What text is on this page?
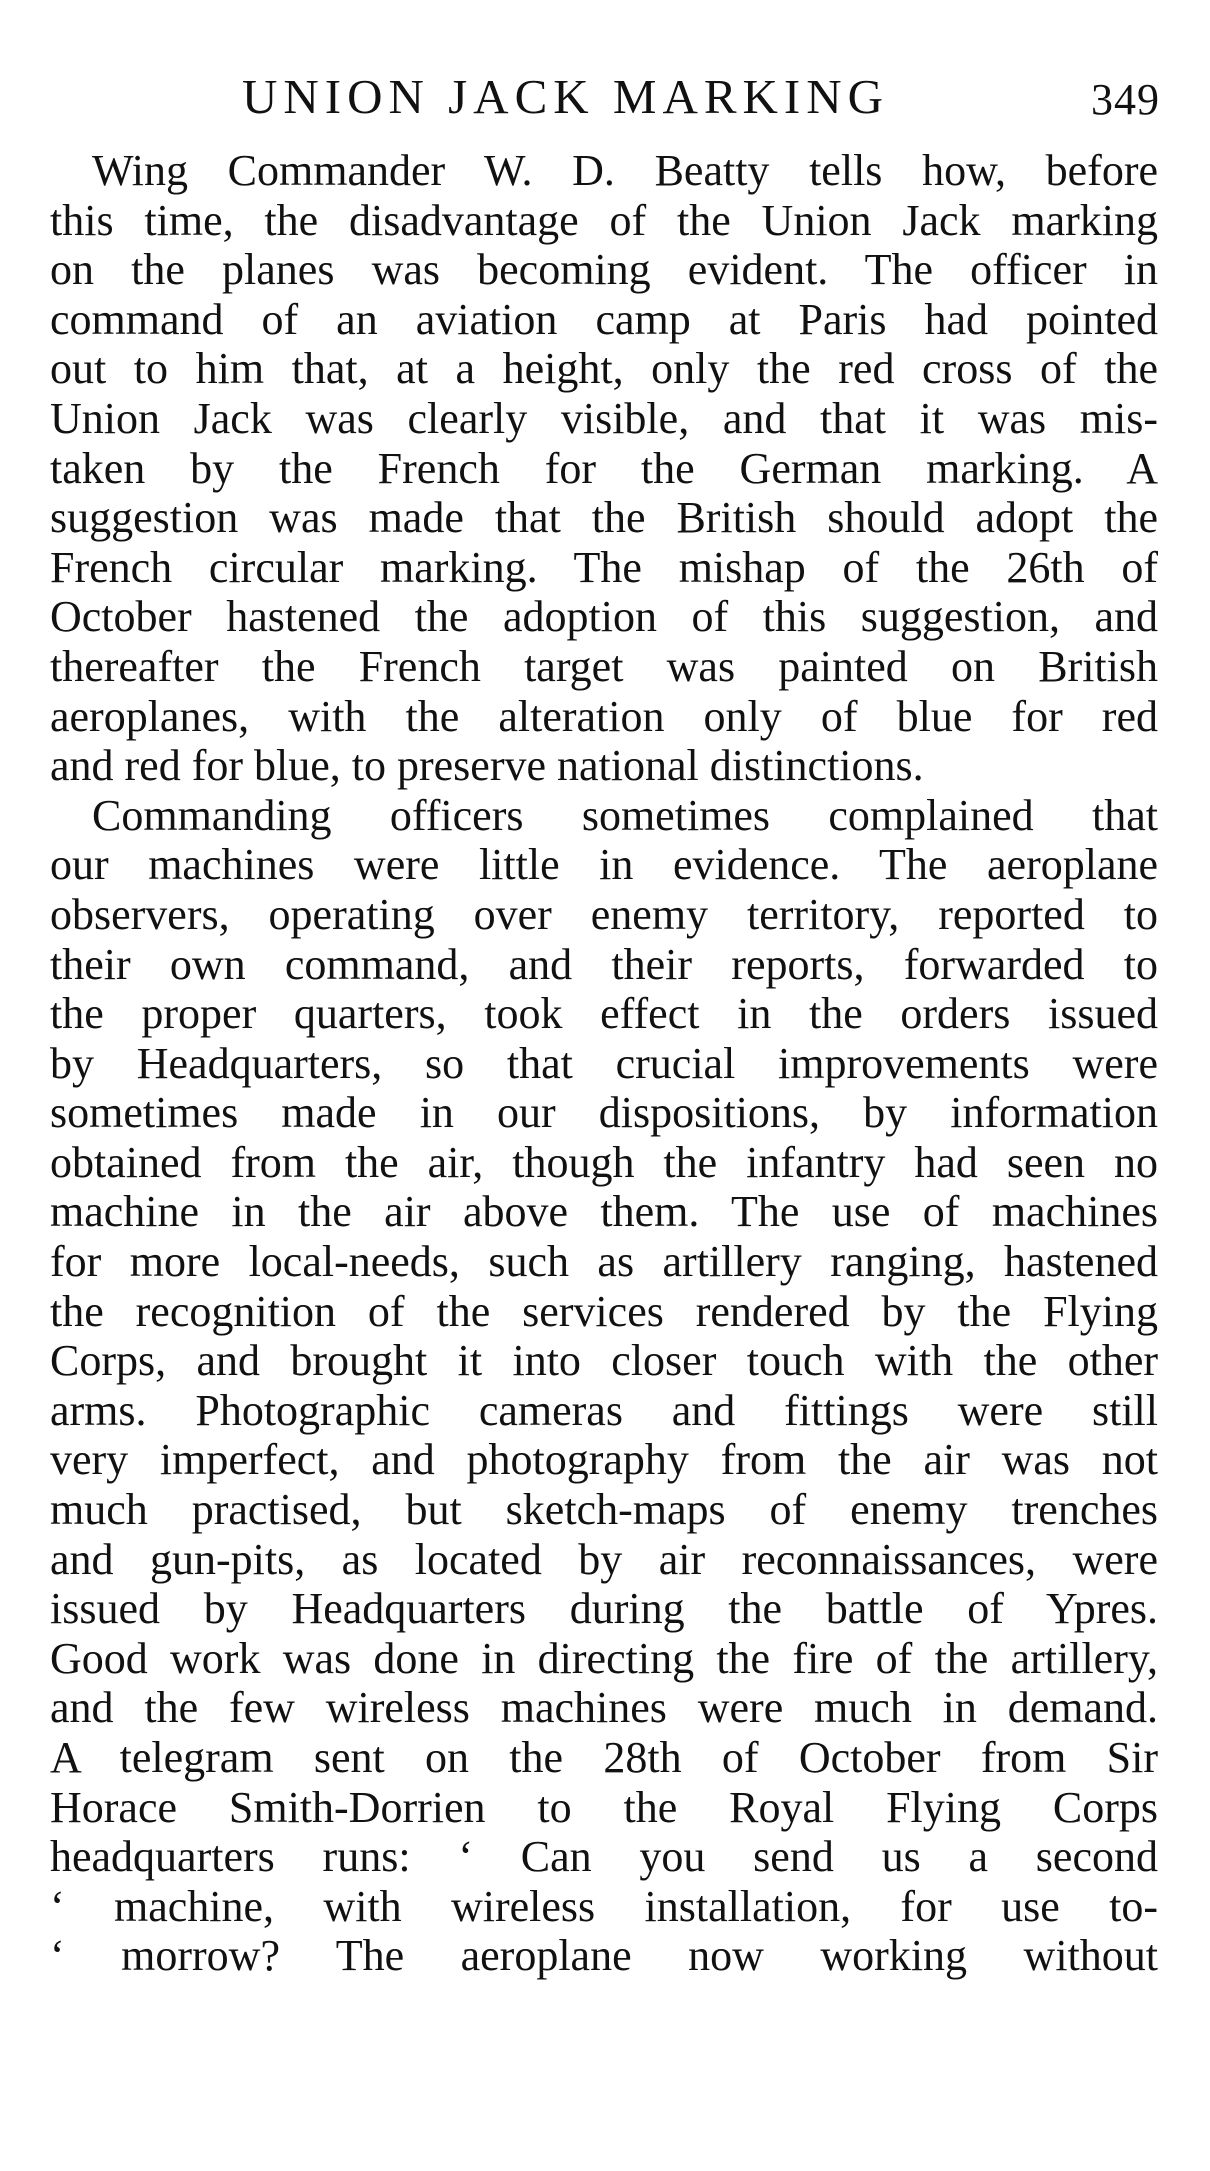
UNION JACK MARKING	349
Wing Commander W. D. Beatty tells how, before
this time, the disadvantage of the Union Jack marking
on the planes was becoming evident. The officer in
command of an aviation camp at Paris had pointed
out to him that, at a height, only the red cross of the
Union Jack was clearly visible, and that it was mis-
taken by the French for the German marking. A
suggestion was made that the British should adopt the
French circular marking. The mishap of the 26th of
October hastened the adoption of this suggestion, and
thereafter the French target was painted on British
aeroplanes, with the alteration only of blue for red
and red for blue, to preserve national distinctions.
Commanding officers sometimes complained that
our machines were little in evidence. The aeroplane
observers, operating over enemy territory, reported to
their own command, and their reports, forwarded to
the proper quarters, took effect in the orders issued
by Headquarters, so that crucial improvements were
sometimes made in our dispositions, by information
obtained from the air, though the infantry had seen no
machine in the air above them. The use of machines
for more local-needs, such as artillery ranging, hastened
the recognition of the services rendered by the Flying
Corps, and brought it into closer touch with the other
arms. Photographic cameras and fittings were still
very imperfect, and photography from the air was not
much practised, but sketch-maps of enemy trenches
and gun-pits, as located by air reconnaissances, were
issued by Headquarters during the battle of Ypres.
Good work was done in directing the fire of the artillery,
and the few wireless machines were much in demand.
A telegram sent on the 28th of October from Sir
Horace Smith-Dorrien to the Royal Flying Corps
headquarters runs: ‘ Can you send us a second
‘ machine, with wireless installation, for use to-
‘ morrow? The aeroplane now working without
